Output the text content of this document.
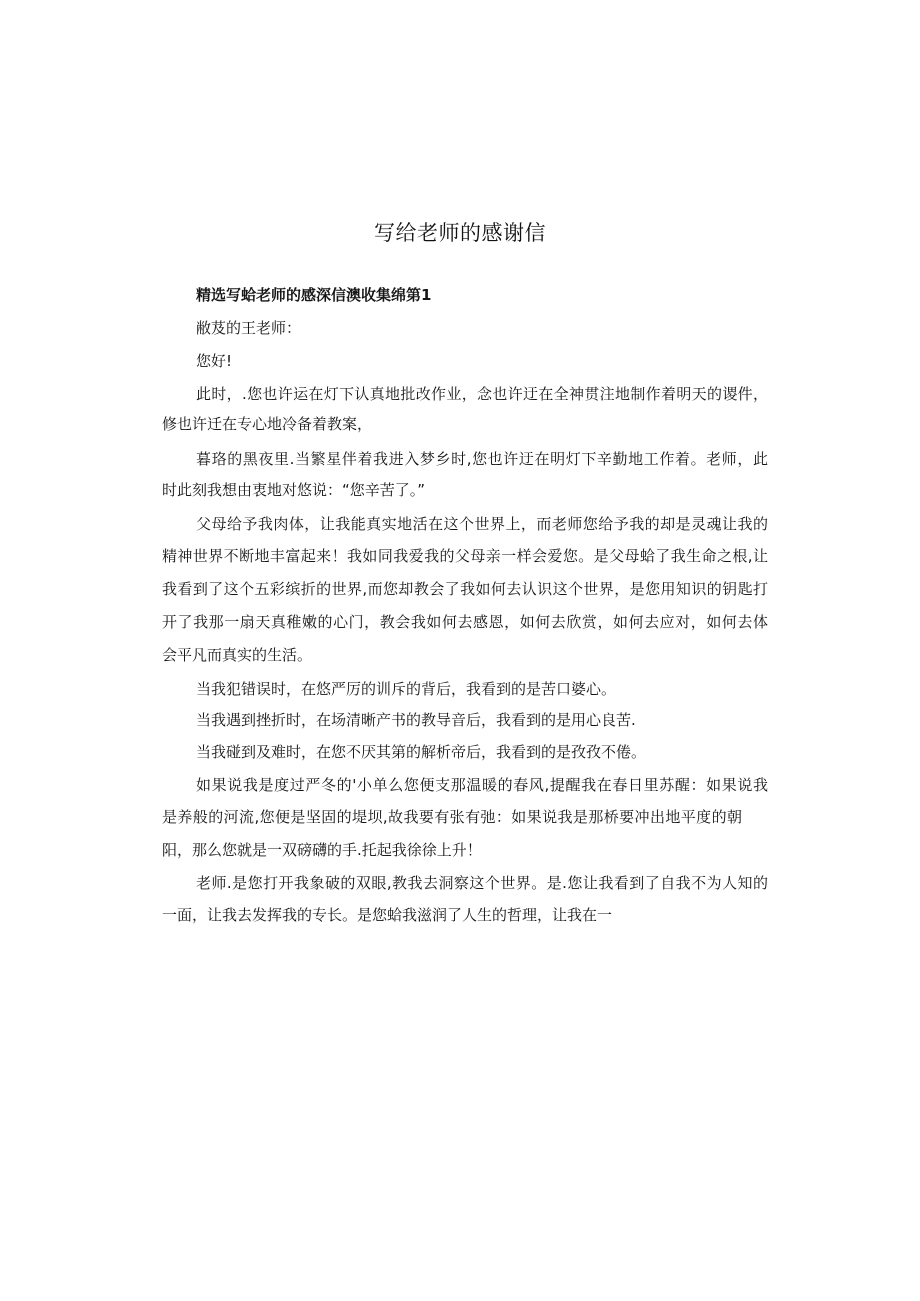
写给老师的感谢信
精选写蛤老师的感深信澳收集绵第1
敝芨的王老师：
您好!
此时，.您也许运在灯下认真地批改作业，念也许迂在全神贯注地制作着明天的谡件，
修也许迁在专心地冷备着教案，
暮珞的黑夜里.当繁星伴着我进入梦乡时,您也许迂在明灯下辛勤地工作着。老师，此
时此刻我想由衷地对悠说：“您辛苦了。”
父母给予我肉体，让我能真实地活在这个世界上，而老师您给予我的却是灵魂让我的
精神世界不断地丰富起来！我如同我爱我的父母亲一样会爱您。是父母蛤了我生命之根,让
我看到了这个五彩缤折的世界,而您却教会了我如何去认识这个世界，是您用知识的钥匙打
开了我那一扇天真稚嫩的心门，教会我如何去感恩，如何去欣赏，如何去应对，如何去体
会平凡而真实的生活。
当我犯错误时，在悠严厉的训斥的背后，我看到的是苦口婆心。
当我遇到挫折时，在场清晰产书的教导音后，我看到的是用心良苦.
当我碰到及难时，在您不厌其第的解析帝后，我看到的是孜孜不倦。
如果说我是度过严冬的'小单么您便支那温暖的春风,提醒我在春日里苏醒：如果说我
是养般的河流,您便是坚固的堤坝,故我要有张有弛：如果说我是那桥要冲出地平度的朝
阳，那么您就是一双磅礴的手.托起我徐徐上升！
老师.是您打开我象破的双眼,教我去洞察这个世界。是.您让我看到了自我不为人知的
一面，让我去发挥我的专长。是您蛤我滋润了人生的哲理，让我在一
